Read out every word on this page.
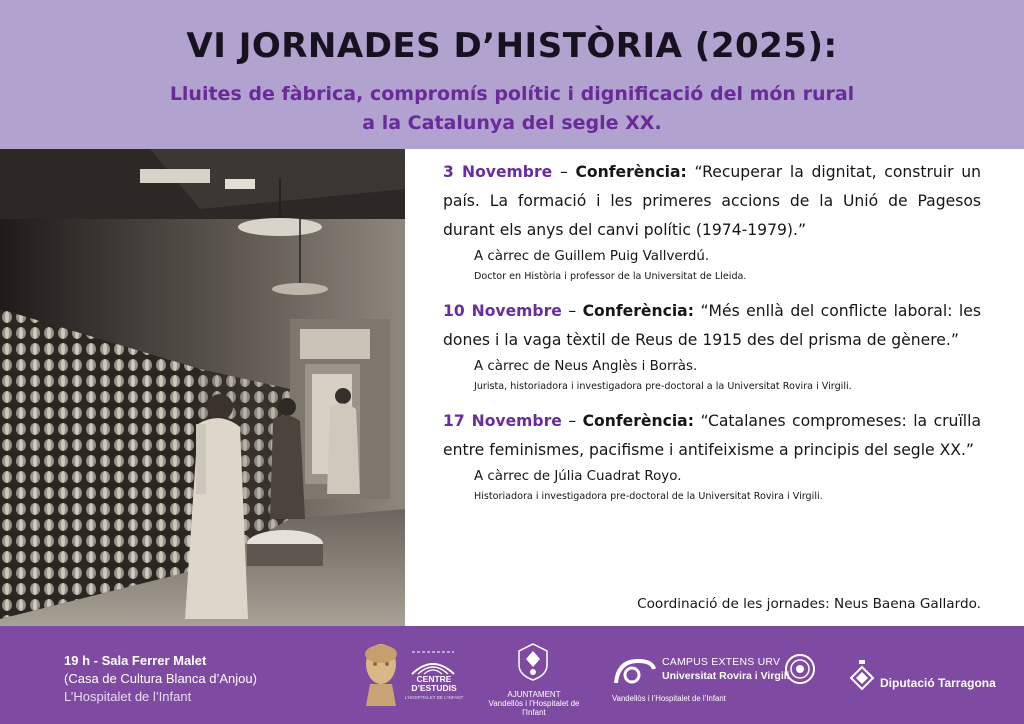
VI JORNADES D’HISTÒRIA (2025):
Lluites de fàbrica, compromís polític i dignificació del món rural
a la Catalunya del segle XX.
3 Novembre – Conferència: “Recuperar la dignitat, construir un país. La formació i les primeres accions de la Unió de Pagesos durant els anys del canvi polític (1974-1979).”
A càrrec de Guillem Puig Vallverdú.
Doctor en Història i professor de la Universitat de Lleida.
10 Novembre – Conferència: “Més enllà del conflicte laboral: les dones i la vaga tèxtil de Reus de 1915 des del prisma de gènere.”
A càrrec de Neus Anglès i Borràs.
Jurista, historiadora i investigadora pre-doctoral a la Universitat Rovira i Virgili.
17 Novembre – Conferència: “Catalanes compromeses: la cruïlla entre feminismes, pacifisme i antifeixisme a principis del segle XX.”
A càrrec de Júlia Cuadrat Royo.
Historiadora i investigadora pre-doctoral de la Universitat Rovira i Virgili.
Coordinació de les jornades: Neus Baena Gallardo.
19 h - Sala Ferrer Malet
(Casa de Cultura Blanca d’Anjou)
L’Hospitalet de l’Infant
CENTRE
D’ESTUDIS
L’HOSPITALET DE L’INFANT	AJUNTAMENT
Vandellòs i l’Hospitalet de l’Infant
CAMPUS EXTENS URV
Universitat Rovira i Virgili
Vandellòs i l’Hospitalet de l’Infant
Diputació Tarragona
